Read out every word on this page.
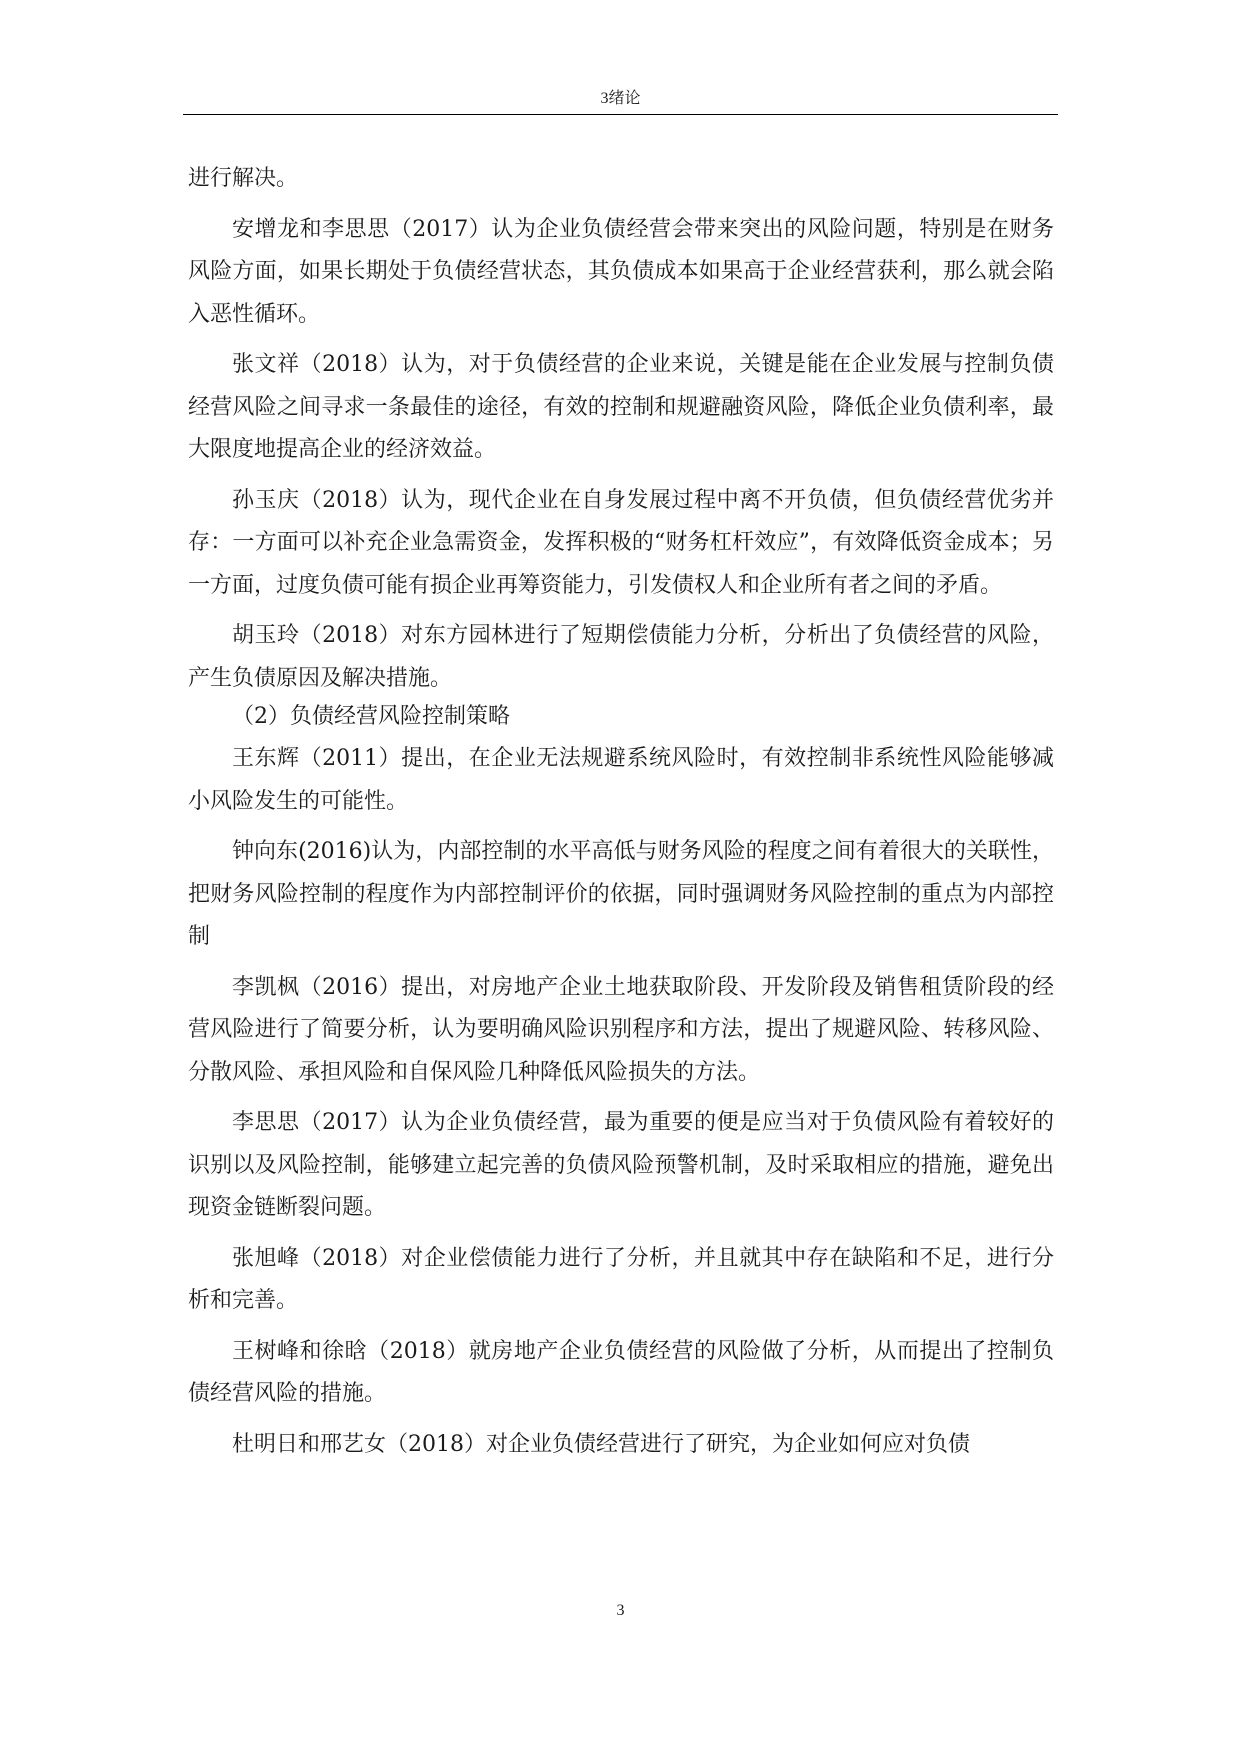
3绪论

进行解决。

安增龙和李思思（2017）认为企业负债经营会带来突出的风险问题，特别是在财务风险方面，如果长期处于负债经营状态，其负债成本如果高于企业经营获利，那么就会陷入恶性循环。

张文祥（2018）认为，对于负债经营的企业来说，关键是能在企业发展与控制负债经营风险之间寻求一条最佳的途径，有效的控制和规避融资风险，降低企业负债利率，最大限度地提高企业的经济效益。

孙玉庆（2018）认为，现代企业在自身发展过程中离不开负债，但负债经营优劣并存：一方面可以补充企业急需资金，发挥积极的“财务杠杆效应”，有效降低资金成本；另一方面，过度负债可能有损企业再筹资能力，引发债权人和企业所有者之间的矛盾。

胡玉玲（2018）对东方园林进行了短期偿债能力分析，分析出了负债经营的风险，产生负债原因及解决措施。

（2）负债经营风险控制策略

王东辉（2011）提出，在企业无法规避系统风险时，有效控制非系统性风险能够减小风险发生的可能性。

钟向东(2016)认为，内部控制的水平高低与财务风险的程度之间有着很大的关联性，把财务风险控制的程度作为内部控制评价的依据，同时强调财务风险控制的重点为内部控制

李凯枫（2016）提出，对房地产企业土地获取阶段、开发阶段及销售租赁阶段的经营风险进行了简要分析，认为要明确风险识别程序和方法，提出了规避风险、转移风险、分散风险、承担风险和自保风险几种降低风险损失的方法。

李思思（2017）认为企业负债经营，最为重要的便是应当对于负债风险有着较好的识别以及风险控制，能够建立起完善的负债风险预警机制，及时采取相应的措施，避免出现资金链断裂问题。

张旭峰（2018）对企业偿债能力进行了分析，并且就其中存在缺陷和不足，进行分析和完善。

王树峰和徐晗（2018）就房地产企业负债经营的风险做了分析，从而提出了控制负债经营风险的措施。

杜明日和邢艺女（2018）对企业负债经营进行了研究，为企业如何应对负债

3
